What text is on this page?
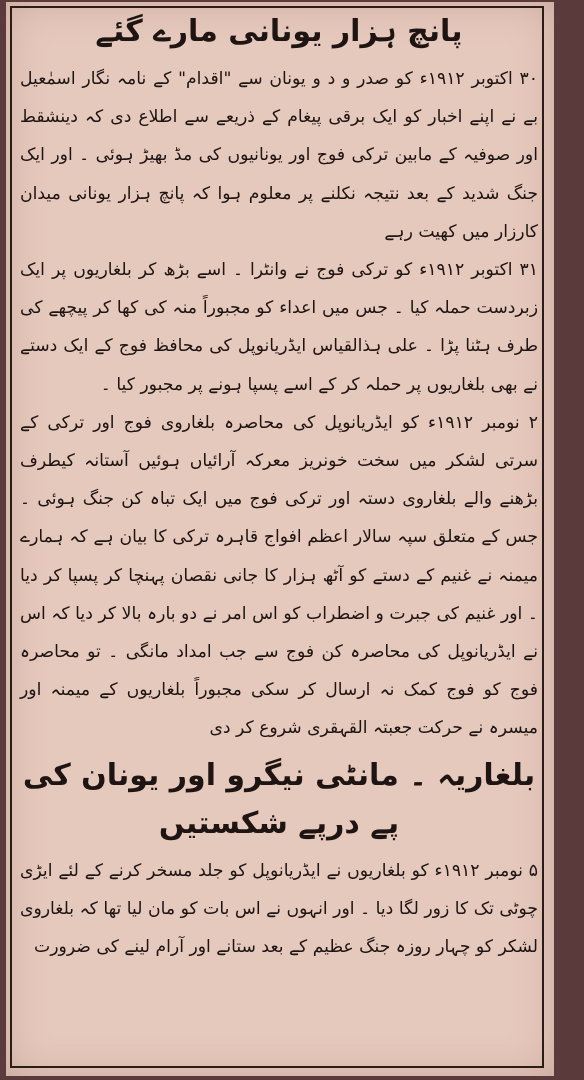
پانچ ہزار یونانی مارے گئے

۳۰ اکتوبر ۱۹۱۲ء کو صدر و د و یونان سے "اقدام" کے نامہ نگار اسمٰعیل بے نے اپنے اخبار کو ایک برقی پیغام کے ذریعے سے اطلاع دی کہ دینشقط اور صوفیہ کے مابین ترکی فوج اور یونانیوں کی مڈ بھیڑ ہوئی ۔ اور ایک جنگ شدید کے بعد نتیجہ نکلنے پر معلوم ہوا کہ پانچ ہزار یونانی میدان کارزار میں کھیت رہے

۳۱ اکتوبر ۱۹۱۲ء کو ترکی فوج نے وانٹرا ۔ اسے بڑھ کر بلغاریوں پر ایک زبردست حملہ کیا ۔ جس میں اعداء کو مجبوراً منہ کی کھا کر پیچھے کی طرف ہٹنا پڑا ۔ علی ہذالقیاس ایڈریانوپل کی محافظ فوج کے ایک دستے نے بھی بلغاریوں پر حملہ کر کے اسے پسپا ہونے پر مجبور کیا ۔

۲ نومبر ۱۹۱۲ء کو ایڈریانوپل کی محاصرہ بلغاروی فوج اور ترکی کے سرتی لشکر میں سخت خونریز معرکہ آرائیاں ہوئیں آستانہ کیطرف بڑھنے والے بلغاروی دستہ اور ترکی فوج میں ایک تباہ کن جنگ ہوئی ۔ جس کے متعلق سپہ سالار اعظم افواج قاہرہ ترکی کا بیان ہے کہ ہمارے میمنہ نے غنیم کے دستے کو آٹھ ہزار کا جانی نقصان پہنچا کر پسپا کر دیا ۔ اور غنیم کی جبرت و اضطراب کو اس امر نے دو بارہ بالا کر دیا کہ اس نے ایڈریانوپل کی محاصرہ کن فوج سے جب امداد مانگی ۔ تو محاصرہ فوج کو فوج کمک نہ ارسال کر سکی مجبوراً بلغاریوں کے میمنہ اور میسرہ نے حرکت جعبتہ القہقری شروع کر دی

بلغاریہ ۔ مانٹی نیگرو اور یونان کی پے درپے شکستیں

۵ نومبر ۱۹۱۲ء کو بلغاریوں نے ایڈریانوپل کو جلد مسخر کرنے کے لئے ایڑی چوٹی تک کا زور لگا دیا ۔ اور انہوں نے اس بات کو مان لیا تھا کہ بلغاروی لشکر کو چہار روزہ جنگ عظیم کے بعد ستانے اور آرام لینے کی ضرورت
